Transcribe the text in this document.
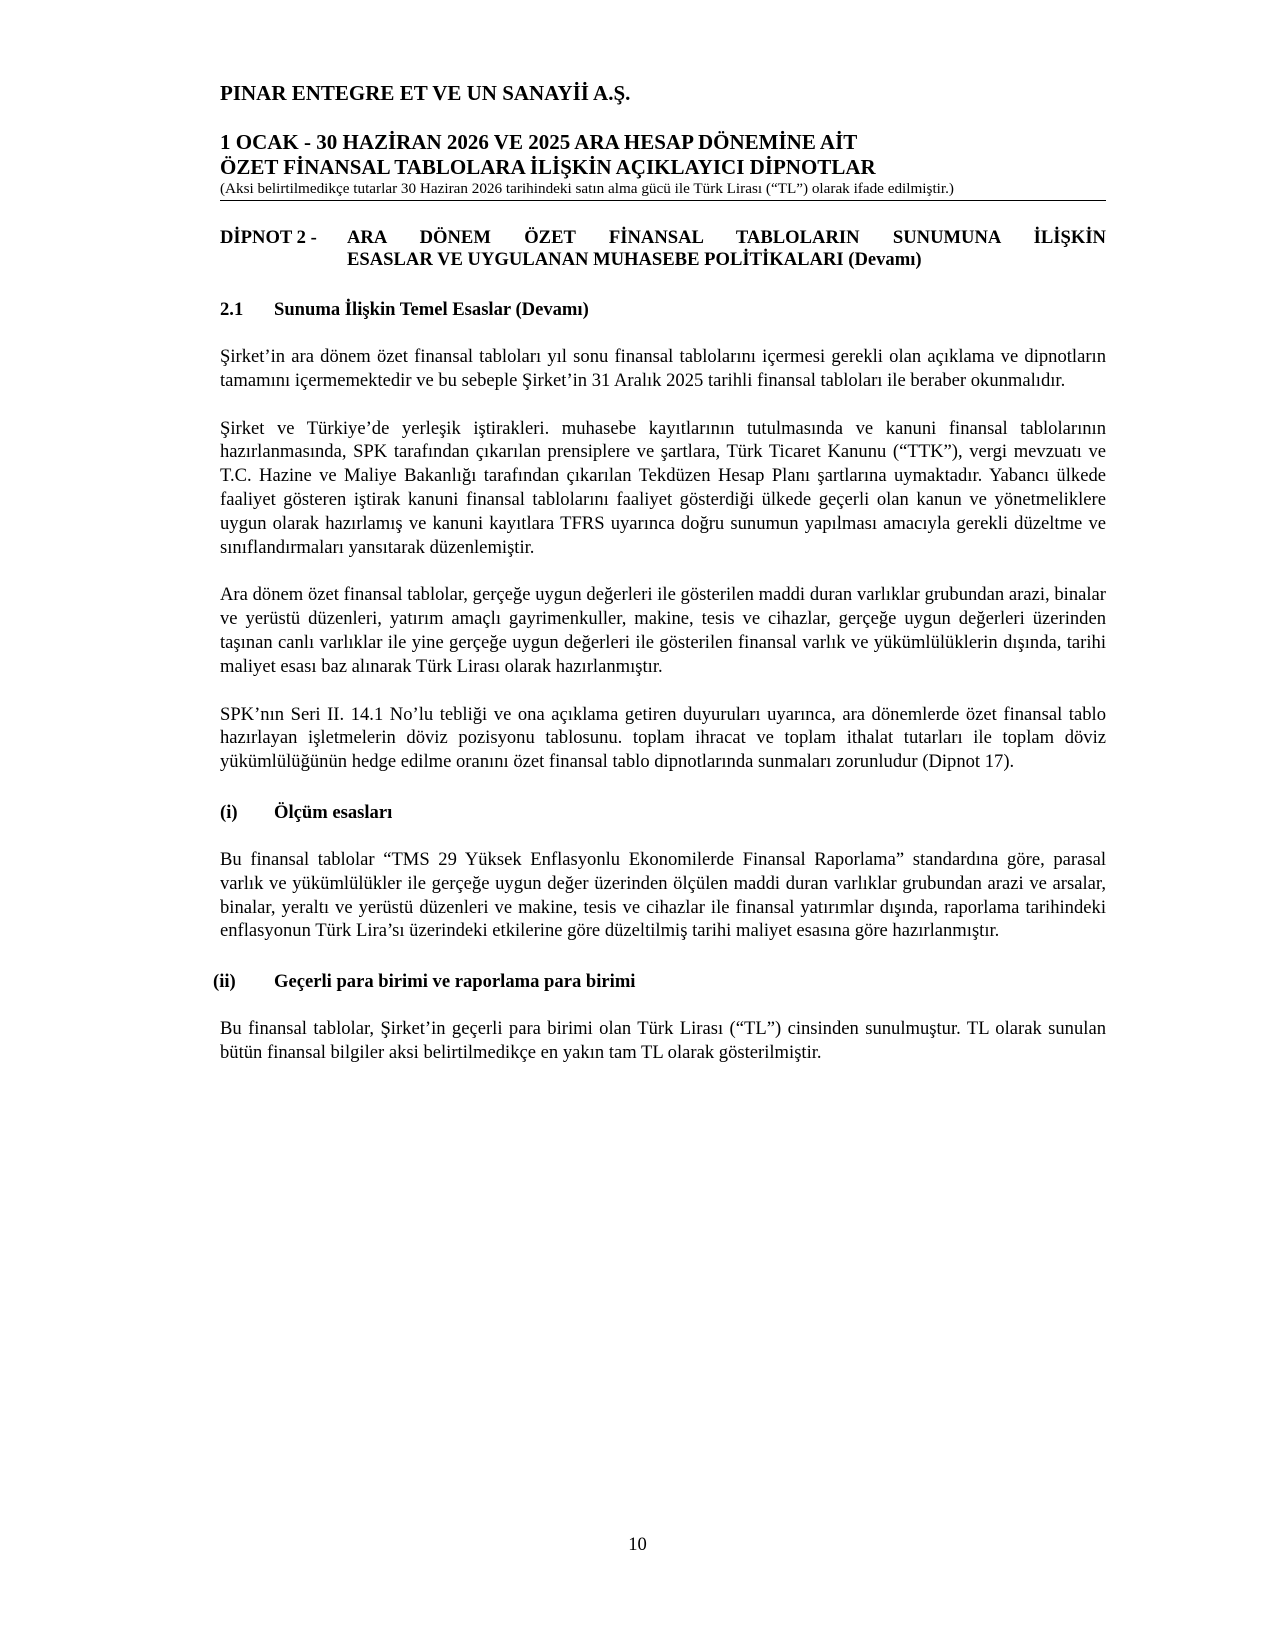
PINAR ENTEGRE ET VE UN SANAYİİ A.Ş.
1 OCAK - 30 HAZİRAN 2026 VE 2025 ARA HESAP DÖNEMİNE AİT
ÖZET FİNANSAL TABLOLARA İLİŞKİN AÇIKLAYICI DİPNOTLAR
(Aksi belirtilmedikçe tutarlar 30 Haziran 2026 tarihindeki satın alma gücü ile Türk Lirası (“TL”) olarak ifade edilmiştir.)
DİPNOT 2 -	ARA DÖNEM ÖZET FİNANSAL TABLOLARIN SUNUMUNA İLİŞKİN
ESASLAR VE UYGULANAN MUHASEBE POLİTİKALARI (Devamı)
2.1	Sunuma İlişkin Temel Esaslar (Devamı)

Şirket’in ara dönem özet finansal tabloları yıl sonu finansal tablolarını içermesi gerekli olan açıklama ve dipnotların tamamını içermemektedir ve bu sebeple Şirket’in 31 Aralık 2025 tarihli finansal tabloları ile beraber okunmalıdır.

Şirket ve Türkiye’de yerleşik iştirakleri. muhasebe kayıtlarının tutulmasında ve kanuni finansal tablolarının hazırlanmasında, SPK tarafından çıkarılan prensiplere ve şartlara, Türk Ticaret Kanunu (“TTK”), vergi mevzuatı ve T.C. Hazine ve Maliye Bakanlığı tarafından çıkarılan Tekdüzen Hesap Planı şartlarına uymaktadır. Yabancı ülkede faaliyet gösteren iştirak kanuni finansal tablolarını faaliyet gösterdiği ülkede geçerli olan kanun ve yönetmeliklere uygun olarak hazırlamış ve kanuni kayıtlara TFRS uyarınca doğru sunumun yapılması amacıyla gerekli düzeltme ve sınıflandırmaları yansıtarak düzenlemiştir.

Ara dönem özet finansal tablolar, gerçeğe uygun değerleri ile gösterilen maddi duran varlıklar grubundan arazi, binalar ve yerüstü düzenleri, yatırım amaçlı gayrimenkuller, makine, tesis ve cihazlar, gerçeğe uygun değerleri üzerinden taşınan canlı varlıklar ile yine gerçeğe uygun değerleri ile gösterilen finansal varlık ve yükümlülüklerin dışında, tarihi maliyet esası baz alınarak Türk Lirası olarak hazırlanmıştır.

SPK’nın Seri II. 14.1 No’lu tebliği ve ona açıklama getiren duyuruları uyarınca, ara dönemlerde özet finansal tablo hazırlayan işletmelerin döviz pozisyonu tablosunu. toplam ihracat ve toplam ithalat tutarları ile toplam döviz yükümlülüğünün hedge edilme oranını özet finansal tablo dipnotlarında sunmaları zorunludur (Dipnot 17).

(i)	Ölçüm esasları

Bu finansal tablolar “TMS 29 Yüksek Enflasyonlu Ekonomilerde Finansal Raporlama” standardına göre, parasal varlık ve yükümlülükler ile gerçeğe uygun değer üzerinden ölçülen maddi duran varlıklar grubundan arazi ve arsalar, binalar, yeraltı ve yerüstü düzenleri ve makine, tesis ve cihazlar ile finansal yatırımlar dışında, raporlama tarihindeki enflasyonun Türk Lira’sı üzerindeki etkilerine göre düzeltilmiş tarihi maliyet esasına göre hazırlanmıştır.

(ii)	Geçerli para birimi ve raporlama para birimi

Bu finansal tablolar, Şirket’in geçerli para birimi olan Türk Lirası (“TL”) cinsinden sunulmuştur. TL olarak sunulan bütün finansal bilgiler aksi belirtilmedikçe en yakın tam TL olarak gösterilmiştir.

10
